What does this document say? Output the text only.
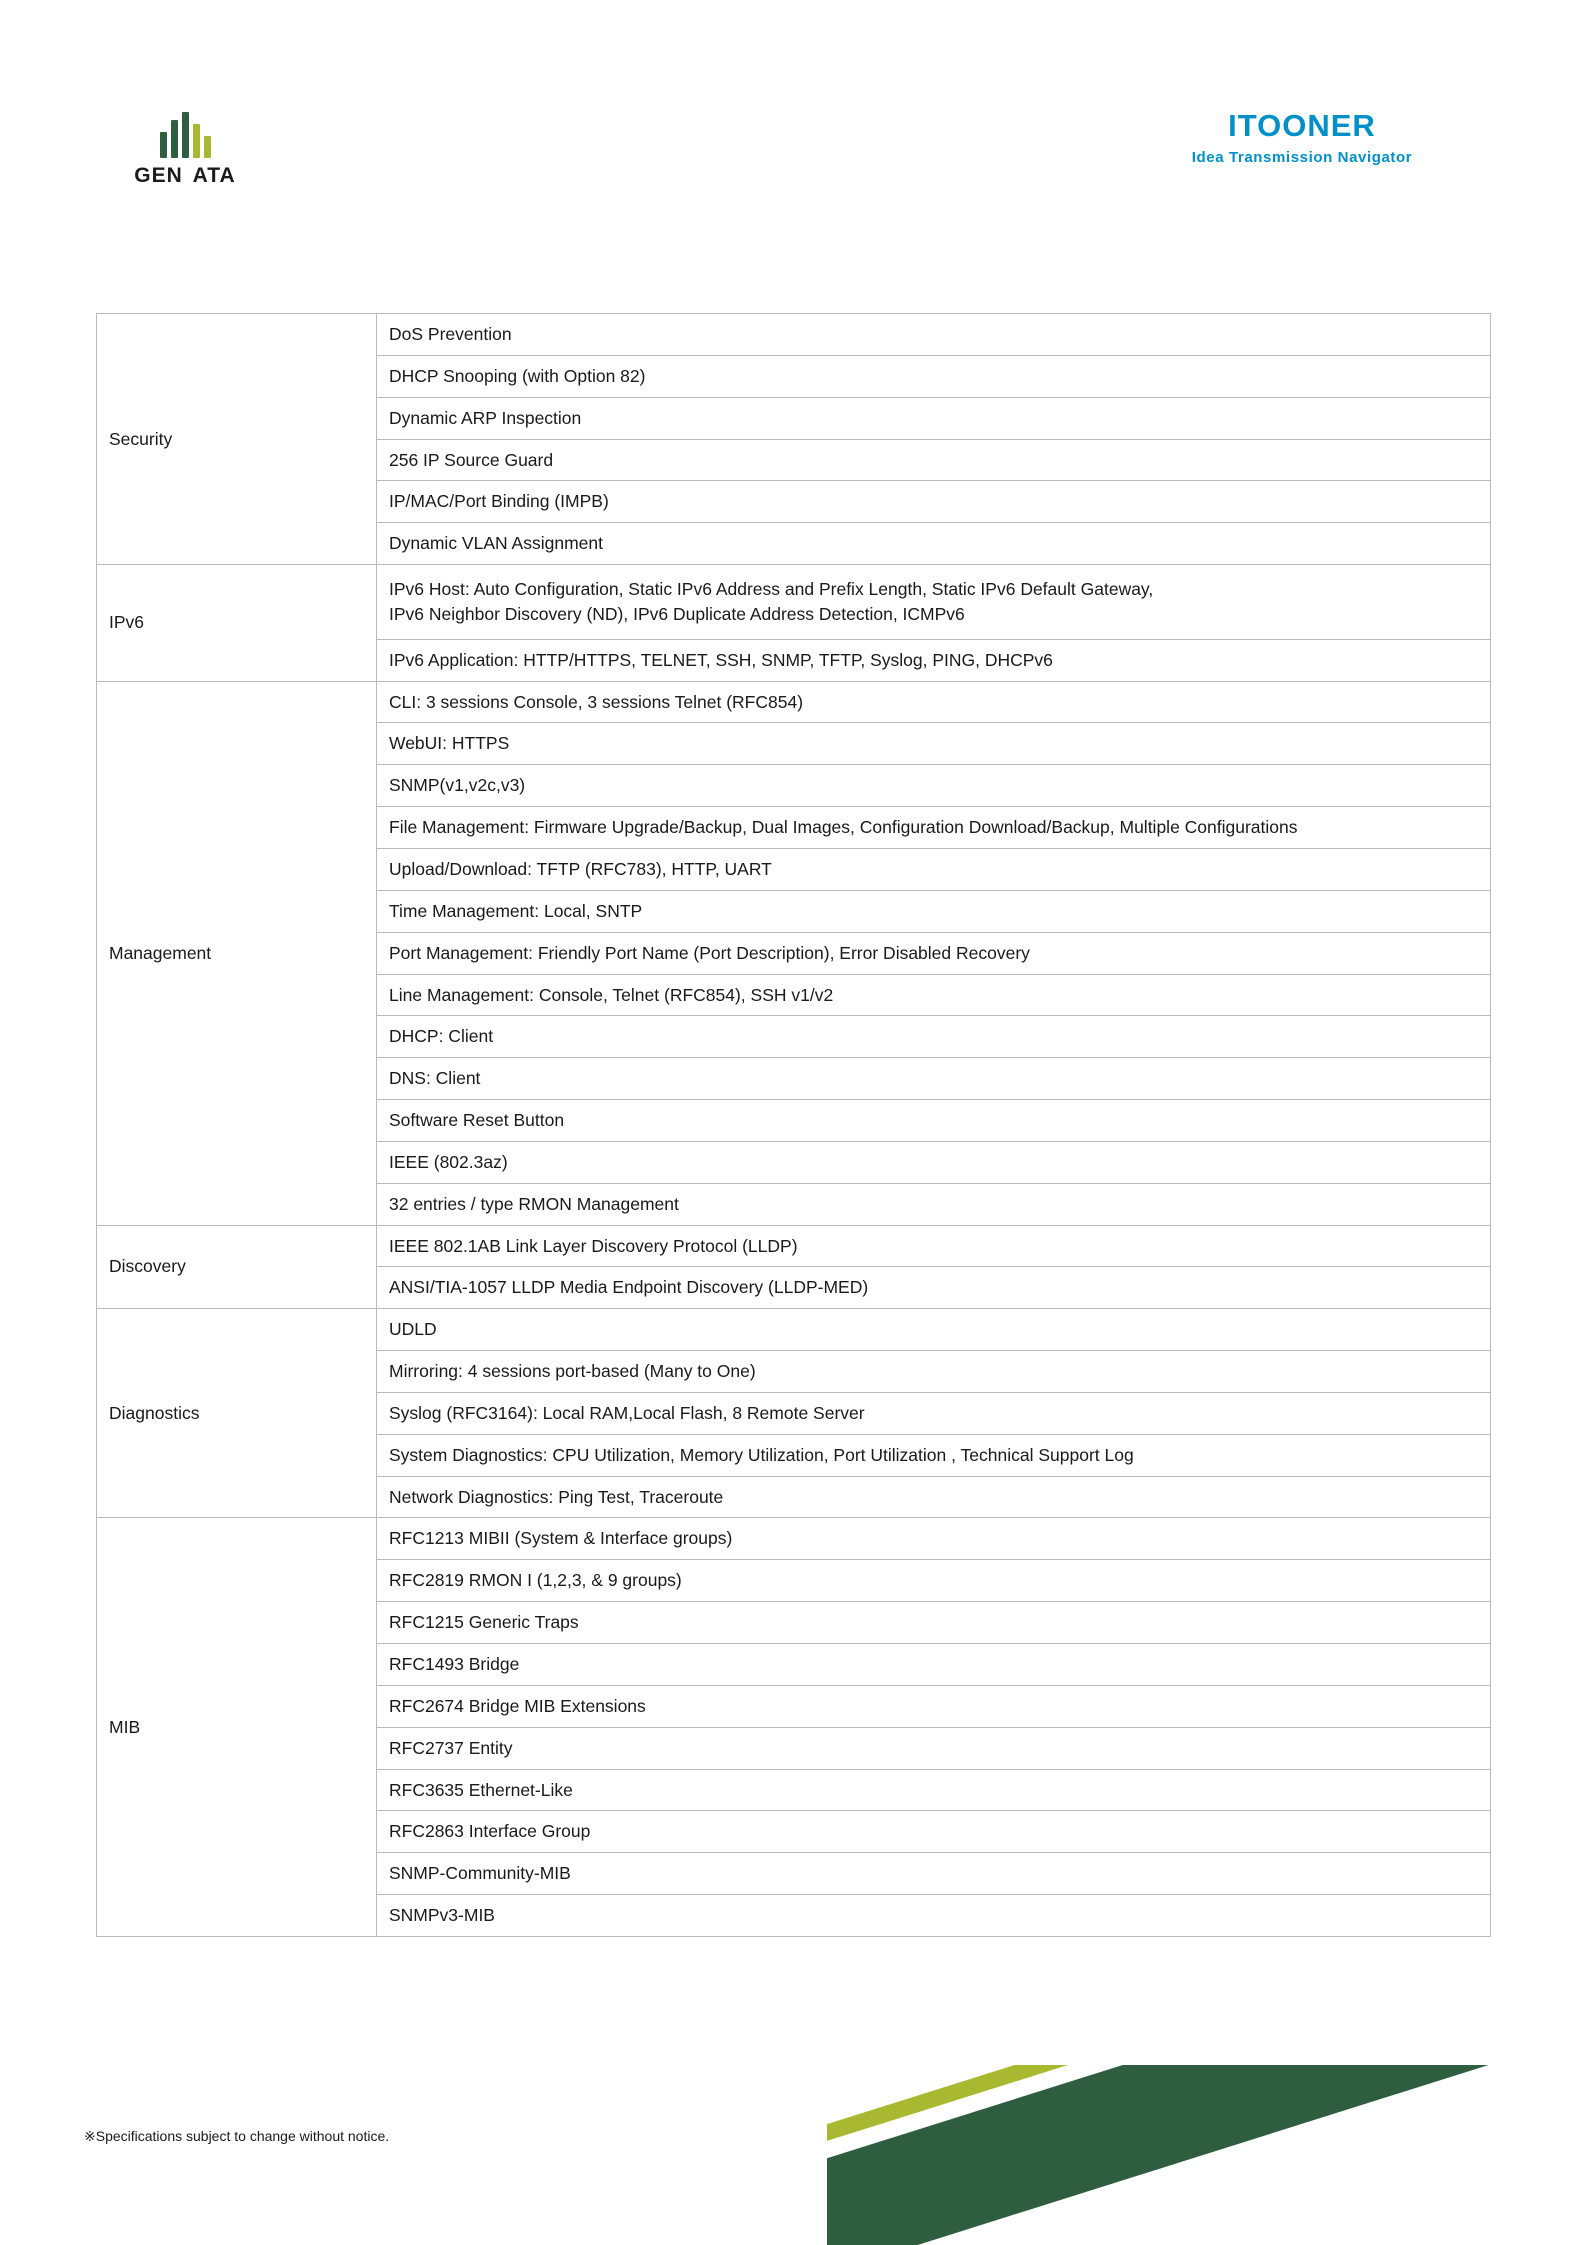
GEN ATA
ITOONER
Idea Transmission Navigator
Security	DoS Prevention
	DHCP Snooping (with Option 82)
	Dynamic ARP Inspection
	256 IP Source Guard
	IP/MAC/Port Binding (IMPB)
	Dynamic VLAN Assignment
IPv6	IPv6 Host: Auto Configuration, Static IPv6 Address and Prefix Length, Static IPv6 Default Gateway,
IPv6 Neighbor Discovery (ND), IPv6 Duplicate Address Detection, ICMPv6
	IPv6 Application: HTTP/HTTPS, TELNET, SSH, SNMP, TFTP, Syslog, PING, DHCPv6
Management	CLI: 3 sessions Console, 3 sessions Telnet (RFC854)
	WebUI: HTTPS
	SNMP(v1,v2c,v3)
	File Management: Firmware Upgrade/Backup, Dual Images, Configuration Download/Backup, Multiple Configurations
	Upload/Download: TFTP (RFC783), HTTP, UART
	Time Management: Local, SNTP
	Port Management: Friendly Port Name (Port Description), Error Disabled Recovery
	Line Management: Console, Telnet (RFC854), SSH v1/v2
	DHCP: Client
	DNS: Client
	Software Reset Button
	IEEE (802.3az)
	32 entries / type RMON Management
Discovery	IEEE 802.1AB Link Layer Discovery Protocol (LLDP)
	ANSI/TIA-1057 LLDP Media Endpoint Discovery (LLDP-MED)
Diagnostics	UDLD
	Mirroring: 4 sessions port-based (Many to One)
	Syslog (RFC3164): Local RAM,Local Flash, 8 Remote Server
	System Diagnostics: CPU Utilization, Memory Utilization, Port Utilization , Technical Support Log
	Network Diagnostics: Ping Test, Traceroute
MIB	RFC1213 MIBII (System & Interface groups)
	RFC2819 RMON I (1,2,3, & 9 groups)
	RFC1215 Generic Traps
	RFC1493 Bridge
	RFC2674 Bridge MIB Extensions
	RFC2737 Entity
	RFC3635 Ethernet-Like
	RFC2863 Interface Group
	SNMP-Community-MIB
	SNMPv3-MIB
※Specifications subject to change without notice.
